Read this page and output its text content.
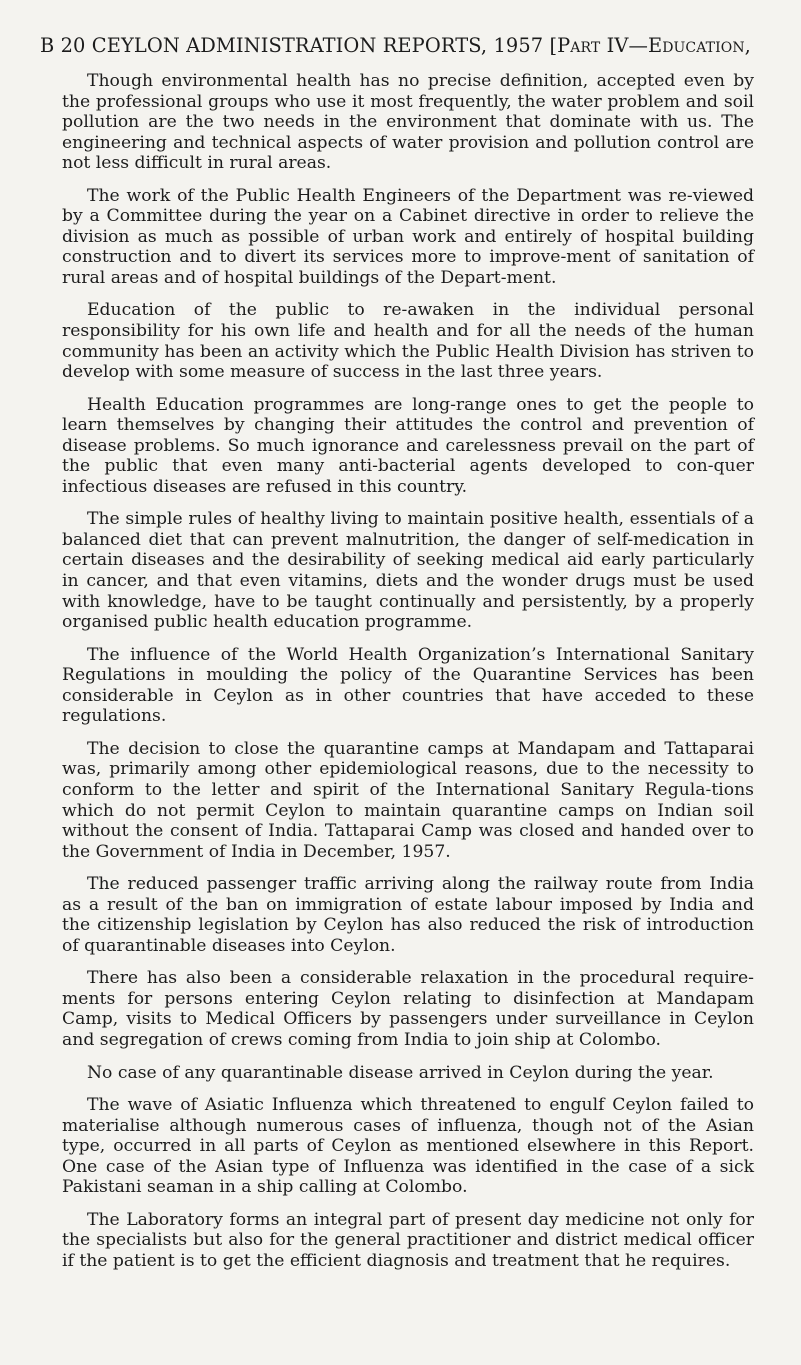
B 20 CEYLON ADMINISTRATION REPORTS, 1957 [Part IV—Education,

Though environmental health has no precise definition, accepted even by the professional groups who use it most frequently, the water problem and soil pollution are the two needs in the environment that dominate with us. The engineering and technical aspects of water provision and pollution control are not less difficult in rural areas.

The work of the Public Health Engineers of the Department was re-viewed by a Committee during the year on a Cabinet directive in order to relieve the division as much as possible of urban work and entirely of hospital building construction and to divert its services more to improve-ment of sanitation of rural areas and of hospital buildings of the Depart-ment.

Education of the public to re-awaken in the individual personal responsibility for his own life and health and for all the needs of the human community has been an activity which the Public Health Division has striven to develop with some measure of success in the last three years.

Health Education programmes are long-range ones to get the people to learn themselves by changing their attitudes the control and prevention of disease problems. So much ignorance and carelessness prevail on the part of the public that even many anti-bacterial agents developed to con-quer infectious diseases are refused in this country.

The simple rules of healthy living to maintain positive health, essentials of a balanced diet that can prevent malnutrition, the danger of self-medication in certain diseases and the desirability of seeking medical aid early particularly in cancer, and that even vitamins, diets and the wonder drugs must be used with knowledge, have to be taught continually and persistently, by a properly organised public health education programme.

The influence of the World Health Organization’s International Sanitary Regulations in moulding the policy of the Quarantine Services has been considerable in Ceylon as in other countries that have acceded to these regulations.

The decision to close the quarantine camps at Mandapam and Tattaparai was, primarily among other epidemiological reasons, due to the necessity to conform to the letter and spirit of the International Sanitary Regula-tions which do not permit Ceylon to maintain quarantine camps on Indian soil without the consent of India. Tattaparai Camp was closed and handed over to the Government of India in December, 1957.

The reduced passenger traffic arriving along the railway route from India as a result of the ban on immigration of estate labour imposed by India and the citizenship legislation by Ceylon has also reduced the risk of introduction of quarantinable diseases into Ceylon.

There has also been a considerable relaxation in the procedural require-ments for persons entering Ceylon relating to disinfection at Mandapam Camp, visits to Medical Officers by passengers under surveillance in Ceylon and segregation of crews coming from India to join ship at Colombo.

No case of any quarantinable disease arrived in Ceylon during the year.

The wave of Asiatic Influenza which threatened to engulf Ceylon failed to materialise although numerous cases of influenza, though not of the Asian type, occurred in all parts of Ceylon as mentioned elsewhere in this Report. One case of the Asian type of Influenza was identified in the case of a sick Pakistani seaman in a ship calling at Colombo.

The Laboratory forms an integral part of present day medicine not only for the specialists but also for the general practitioner and district medical officer if the patient is to get the efficient diagnosis and treatment that he requires.
